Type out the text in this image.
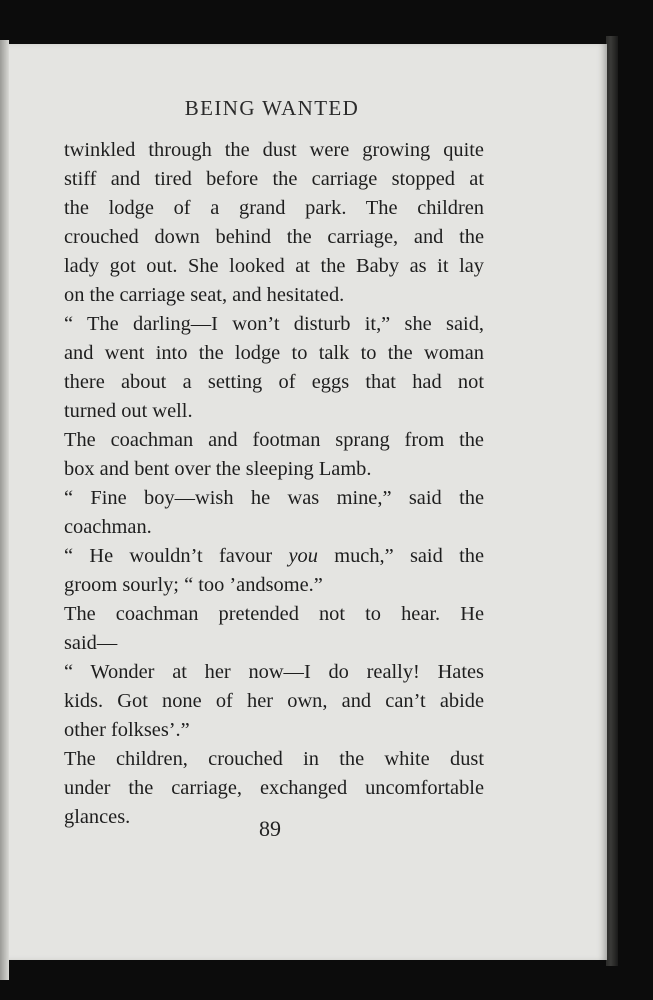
BEING WANTED
twinkled through the dust were growing quite
stiff and tired before the carriage stopped at
the lodge of a grand park. The children
crouched down behind the carriage, and the
lady got out. She looked at the Baby as it lay
on the carriage seat, and hesitated.
“ The darling—I won’t disturb it,” she said,
and went into the lodge to talk to the woman
there about a setting of eggs that had not
turned out well.
The coachman and footman sprang from the
box and bent over the sleeping Lamb.
“ Fine boy—wish he was mine,” said the
coachman.
“ He wouldn’t favour you much,” said the
groom sourly; “ too ’andsome.”
The coachman pretended not to hear. He
said—
“ Wonder at her now—I do really! Hates
kids. Got none of her own, and can’t abide
other folkses’.”
The children, crouched in the white dust
under the carriage, exchanged uncomfortable
glances.	89
